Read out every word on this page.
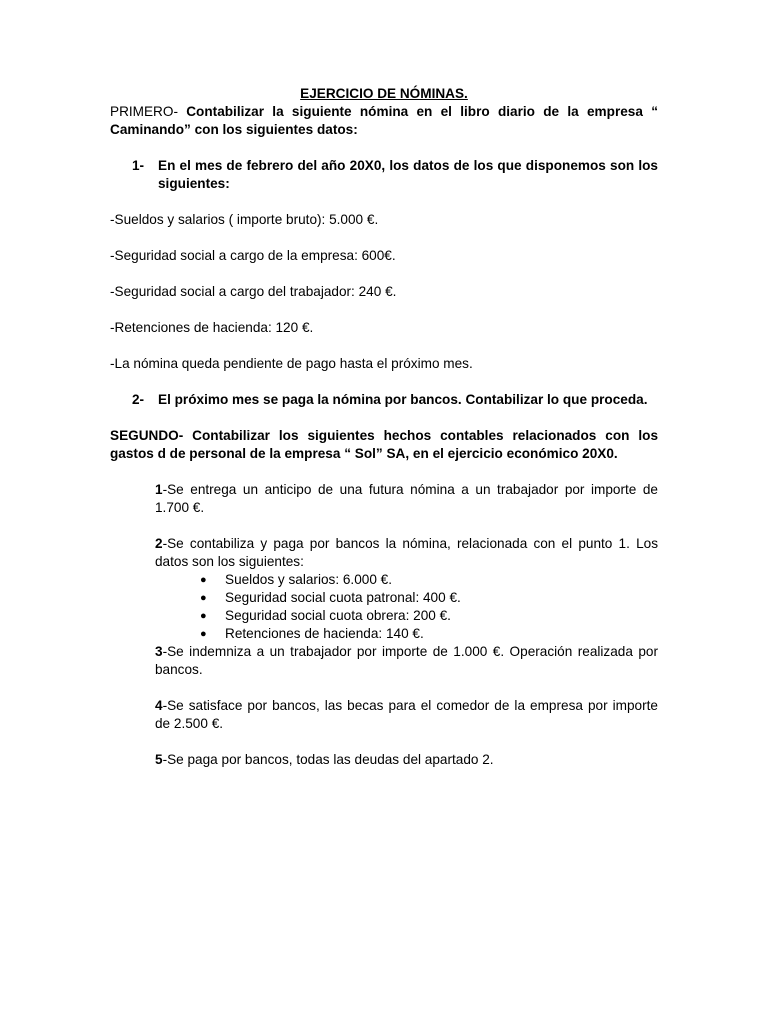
EJERCICIO DE NÓMINAS.

PRIMERO- Contabilizar la siguiente nómina en el libro diario de la empresa “ Caminando” con los siguientes datos:

1- En el mes de febrero del año 20X0, los datos de los que disponemos son los siguientes:

-Sueldos y salarios ( importe bruto): 5.000 €.

-Seguridad social a cargo de la empresa: 600€.

-Seguridad social a cargo del trabajador: 240 €.

-Retenciones de hacienda: 120 €.

-La nómina queda pendiente de pago hasta el próximo mes.

2- El próximo mes se paga la nómina por bancos. Contabilizar lo que proceda.

SEGUNDO- Contabilizar los siguientes hechos contables relacionados con los gastos d de personal de la empresa “ Sol” SA, en el ejercicio económico 20X0.

1-Se entrega un anticipo de una futura nómina a un trabajador por importe de 1.700 €.

2-Se contabiliza y paga por bancos la nómina, relacionada con el punto 1. Los datos son los siguientes:

● Sueldos y salarios: 6.000 €.
● Seguridad social cuota patronal: 400 €.
● Seguridad social cuota obrera: 200 €.
● Retenciones de hacienda: 140 €.

3-Se indemniza a un trabajador por importe de 1.000 €. Operación realizada por bancos.

4-Se satisface por bancos, las becas para el comedor de la empresa por importe de 2.500 €.

5-Se paga por bancos, todas las deudas del apartado 2.
